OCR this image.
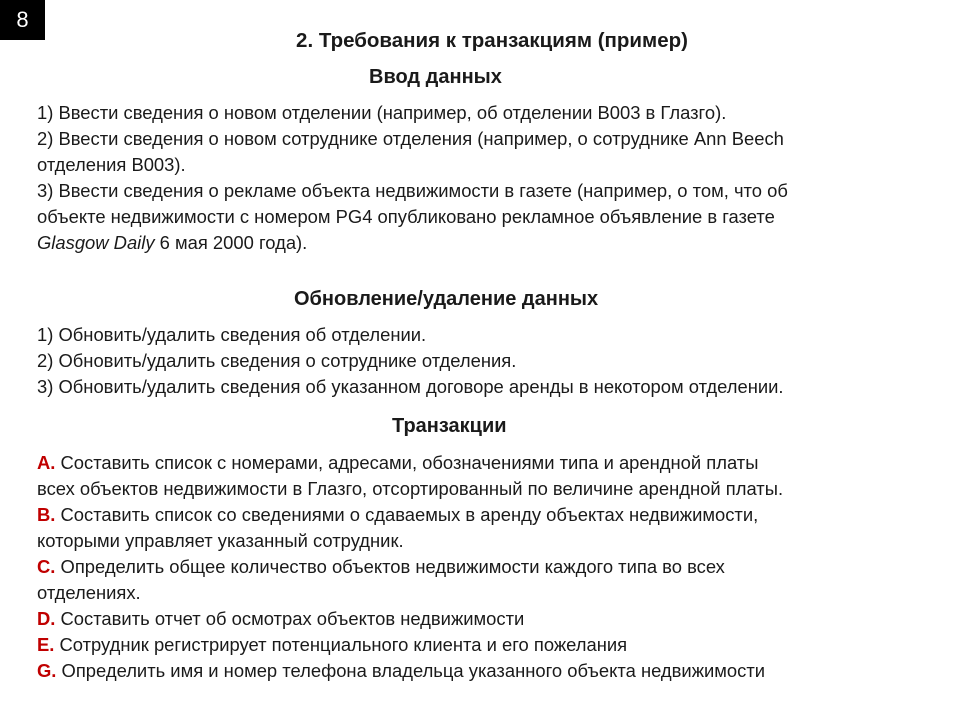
8
2. Требования к транзакциям (пример)
Ввод данных
1) Ввести сведения о новом отделении (например, об отделении В003 в Глазго).
2) Ввести сведения о новом сотруднике отделения (например, о сотруднике Ann Beech
отделения В003).
3) Ввести сведения о рекламе объекта недвижимости в газете (например, о том, что об
объекте недвижимости с номером PG4 опубликовано рекламное объявление в газете
Glasgow Daily 6 мая 2000 года).
Обновление/удаление данных
1) Обновить/удалить сведения об отделении.
2) Обновить/удалить сведения о сотруднике отделения.
3) Обновить/удалить сведения об указанном договоре аренды в некотором отделении.
Транзакции
A. Составить список с номерами, адресами, обозначениями типа и арендной платы
всех объектов недвижимости в Глазго, отсортированный по величине арендной платы.
B. Составить список со сведениями о сдаваемых в аренду объектах недвижимости,
которыми управляет указанный сотрудник.
C. Определить общее количество объектов недвижимости каждого типа во всех
отделениях.
D. Составить отчет об осмотрах объектов недвижимости
E. Сотрудник регистрирует потенциального клиента и его пожелания
G. Определить имя и номер телефона владельца указанного объекта недвижимости
